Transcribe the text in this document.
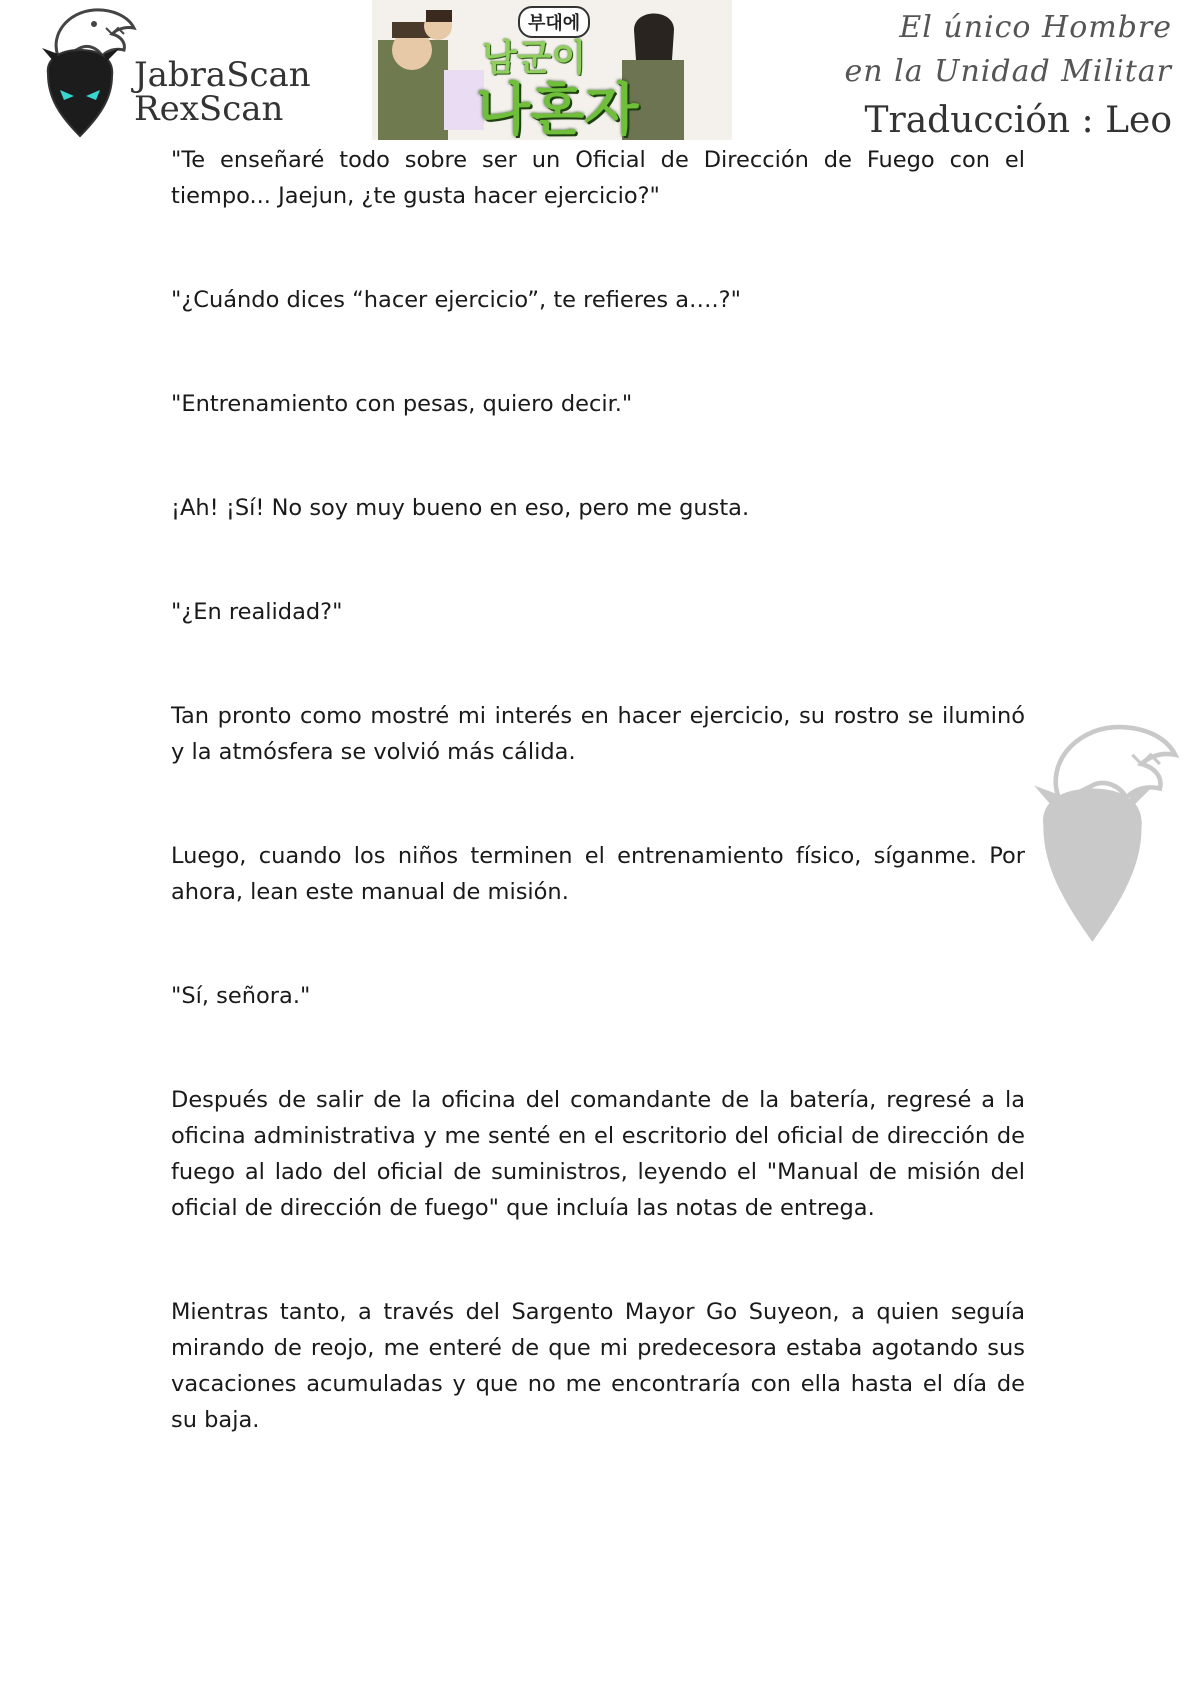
JabraScan
RexScan
부대에
남군이
나혼자
El único Hombre
en la Unidad Militar
Traducción : Leo

"Te enseñaré todo sobre ser un Oficial de Dirección de Fuego con el tiempo... Jaejun, ¿te gusta hacer ejercicio?"

"¿Cuándo dices “hacer ejercicio”, te refieres a….?"

"Entrenamiento con pesas, quiero decir."

¡Ah! ¡Sí! No soy muy bueno en eso, pero me gusta.

"¿En realidad?"

Tan pronto como mostré mi interés en hacer ejercicio, su rostro se iluminó y la atmósfera se volvió más cálida.

Luego, cuando los niños terminen el entrenamiento físico, síganme. Por ahora, lean este manual de misión.

"Sí, señora."

Después de salir de la oficina del comandante de la batería, regresé a la oficina administrativa y me senté en el escritorio del oficial de dirección de fuego al lado del oficial de suministros, leyendo el "Manual de misión del oficial de dirección de fuego" que incluía las notas de entrega.

Mientras tanto, a través del Sargento Mayor Go Suyeon, a quien seguía mirando de reojo, me enteré de que mi predecesora estaba agotando sus vacaciones acumuladas y que no me encontraría con ella hasta el día de su baja.
